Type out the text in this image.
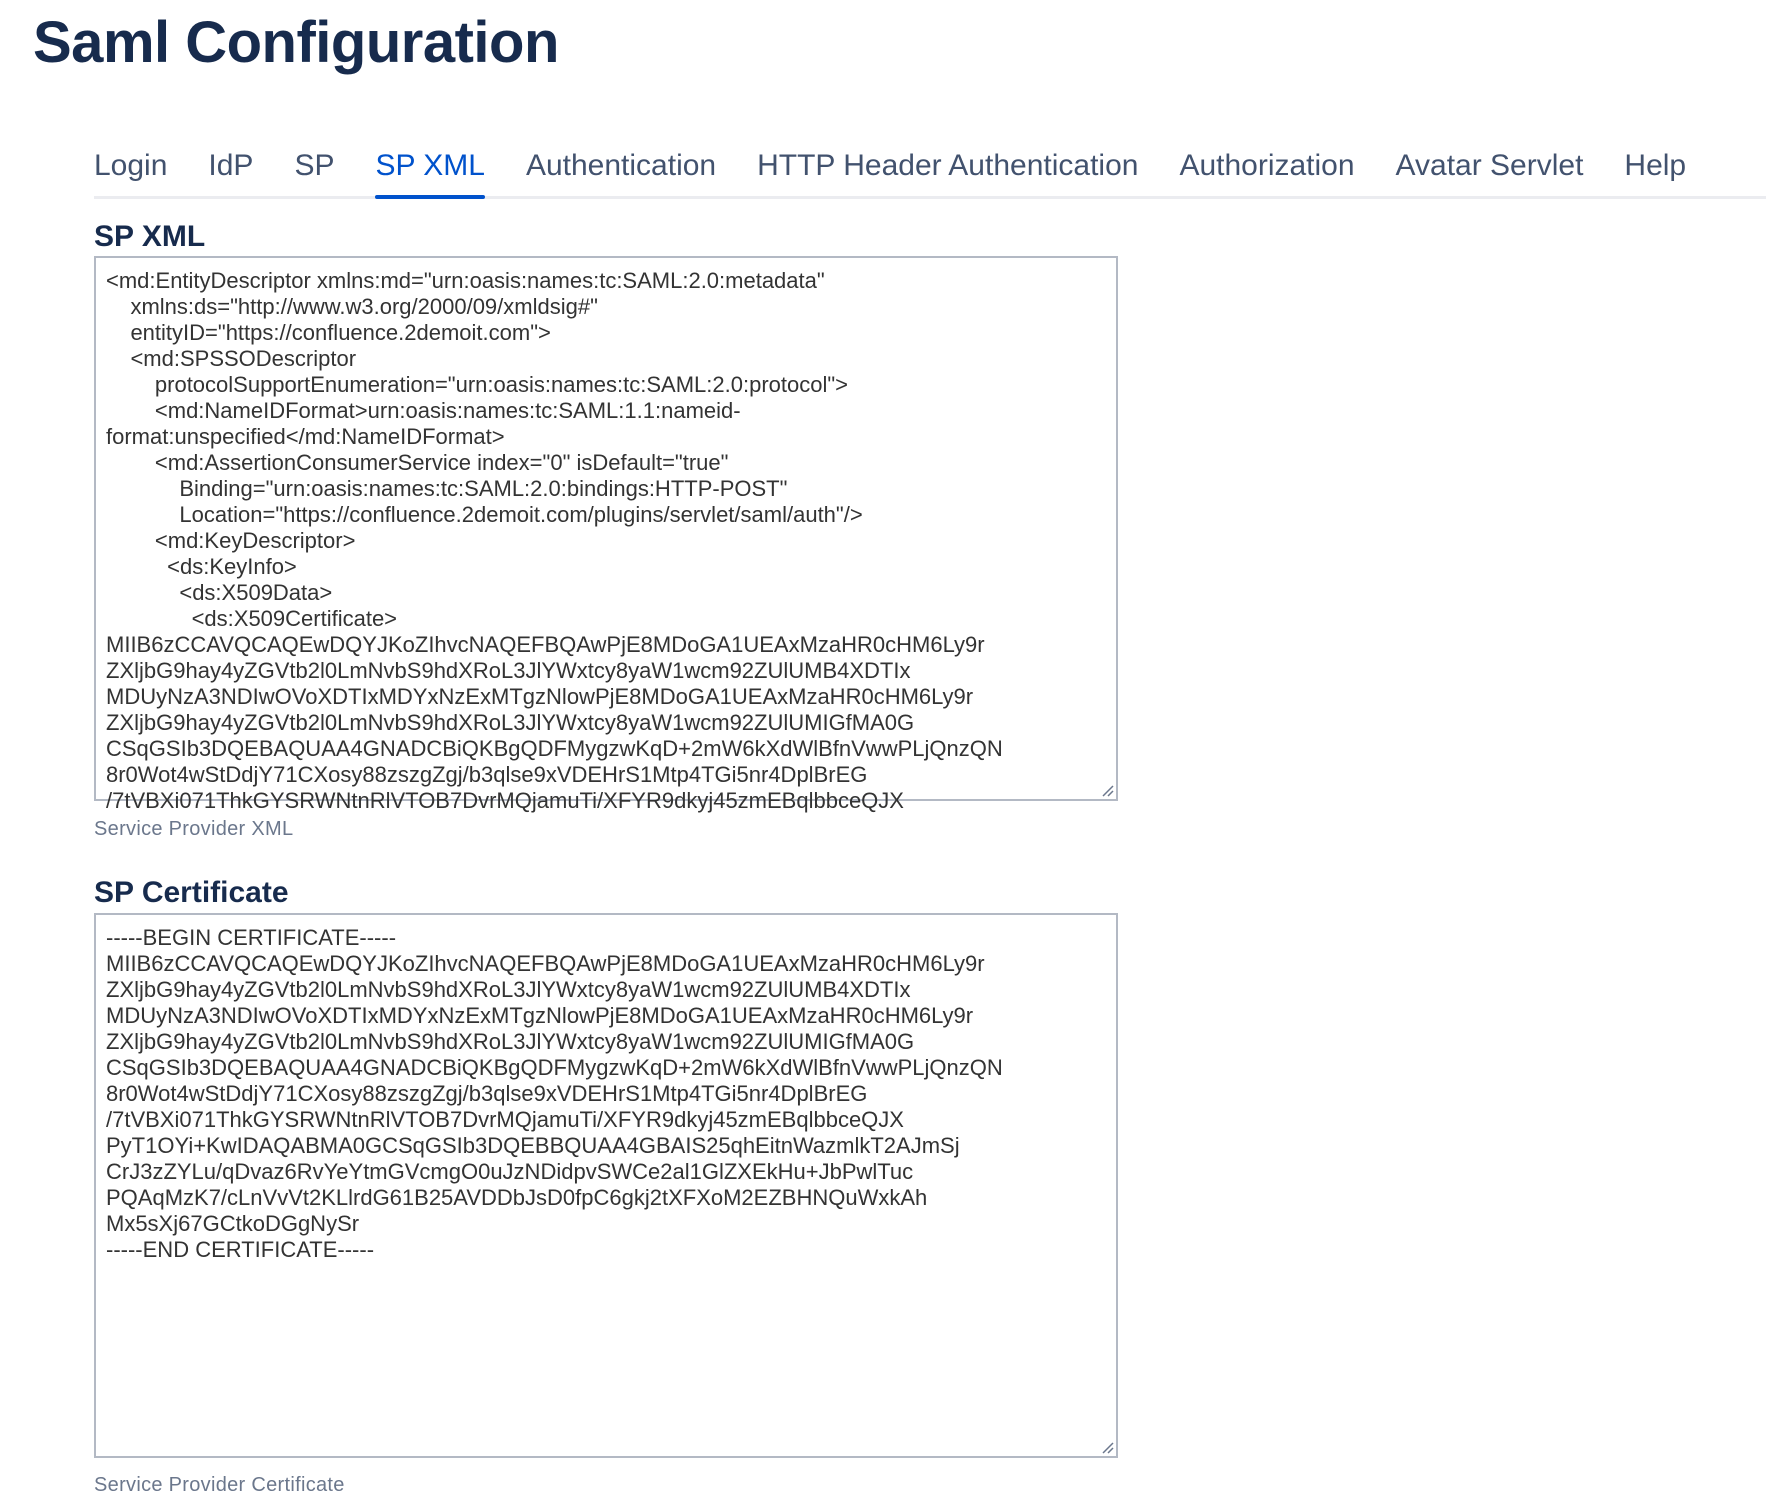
Saml Configuration
Login IdP SP SP XML Authentication HTTP Header Authentication Authorization Avatar Servlet Help
SP XML
<md:EntityDescriptor xmlns:md="urn:oasis:names:tc:SAML:2.0:metadata"
xmlns:ds="http://www.w3.org/2000/09/xmldsig#"
entityID="https://confluence.2demoit.com">
<md:SPSSODescriptor
protocolSupportEnumeration="urn:oasis:names:tc:SAML:2.0:protocol">
<md:NameIDFormat>urn:oasis:names:tc:SAML:1.1:nameid-
format:unspecified</md:NameIDFormat>
<md:AssertionConsumerService index="0" isDefault="true"
Binding="urn:oasis:names:tc:SAML:2.0:bindings:HTTP-POST"
Location="https://confluence.2demoit.com/plugins/servlet/saml/auth"/>
<md:KeyDescriptor>
<ds:KeyInfo>
<ds:X509Data>
<ds:X509Certificate>
MIIB6zCCAVQCAQEwDQYJKoZIhvcNAQEFBQAwPjE8MDoGA1UEAxMzaHR0cHM6Ly9r
ZXljbG9hay4yZGVtb2l0LmNvbS9hdXRoL3JlYWxtcy8yaW1wcm92ZUlUMB4XDTIx
MDUyNzA3NDIwOVoXDTIxMDYxNzExMTgzNlowPjE8MDoGA1UEAxMzaHR0cHM6Ly9r
ZXljbG9hay4yZGVtb2l0LmNvbS9hdXRoL3JlYWxtcy8yaW1wcm92ZUlUMIGfMA0G
CSqGSIb3DQEBAQUAA4GNADCBiQKBgQDFMygzwKqD+2mW6kXdWlBfnVwwPLjQnzQN
8r0Wot4wStDdjY71CXosy88zszgZgj/b3qlse9xVDEHrS1Mtp4TGi5nr4DplBrEG
/7tVBXi071ThkGYSRWNtnRlVTOB7DvrMQjamuTi/XFYR9dkyj45zmEBqlbbceQJX

Service Provider XML

SP Certificate
-----BEGIN CERTIFICATE-----
MIIB6zCCAVQCAQEwDQYJKoZIhvcNAQEFBQAwPjE8MDoGA1UEAxMzaHR0cHM6Ly9r
ZXljbG9hay4yZGVtb2l0LmNvbS9hdXRoL3JlYWxtcy8yaW1wcm92ZUlUMB4XDTIx
MDUyNzA3NDIwOVoXDTIxMDYxNzExMTgzNlowPjE8MDoGA1UEAxMzaHR0cHM6Ly9r
ZXljbG9hay4yZGVtb2l0LmNvbS9hdXRoL3JlYWxtcy8yaW1wcm92ZUlUMIGfMA0G
CSqGSIb3DQEBAQUAA4GNADCBiQKBgQDFMygzwKqD+2mW6kXdWlBfnVwwPLjQnzQN
8r0Wot4wStDdjY71CXosy88zszgZgj/b3qlse9xVDEHrS1Mtp4TGi5nr4DplBrEG
/7tVBXi071ThkGYSRWNtnRlVTOB7DvrMQjamuTi/XFYR9dkyj45zmEBqlbbceQJX
PyT1OYi+KwIDAQABMA0GCSqGSIb3DQEBBQUAA4GBAIS25qhEitnWazmlkT2AJmSj
CrJ3zZYLu/qDvaz6RvYeYtmGVcmgO0uJzNDidpvSWCe2al1GlZXEkHu+JbPwlTuc
PQAqMzK7/cLnVvVt2KLlrdG61B25AVDDbJsD0fpC6gkj2tXFXoM2EZBHNQuWxkAh
Mx5sXj67GCtkoDGgNySr
-----END CERTIFICATE-----

Service Provider Certificate
